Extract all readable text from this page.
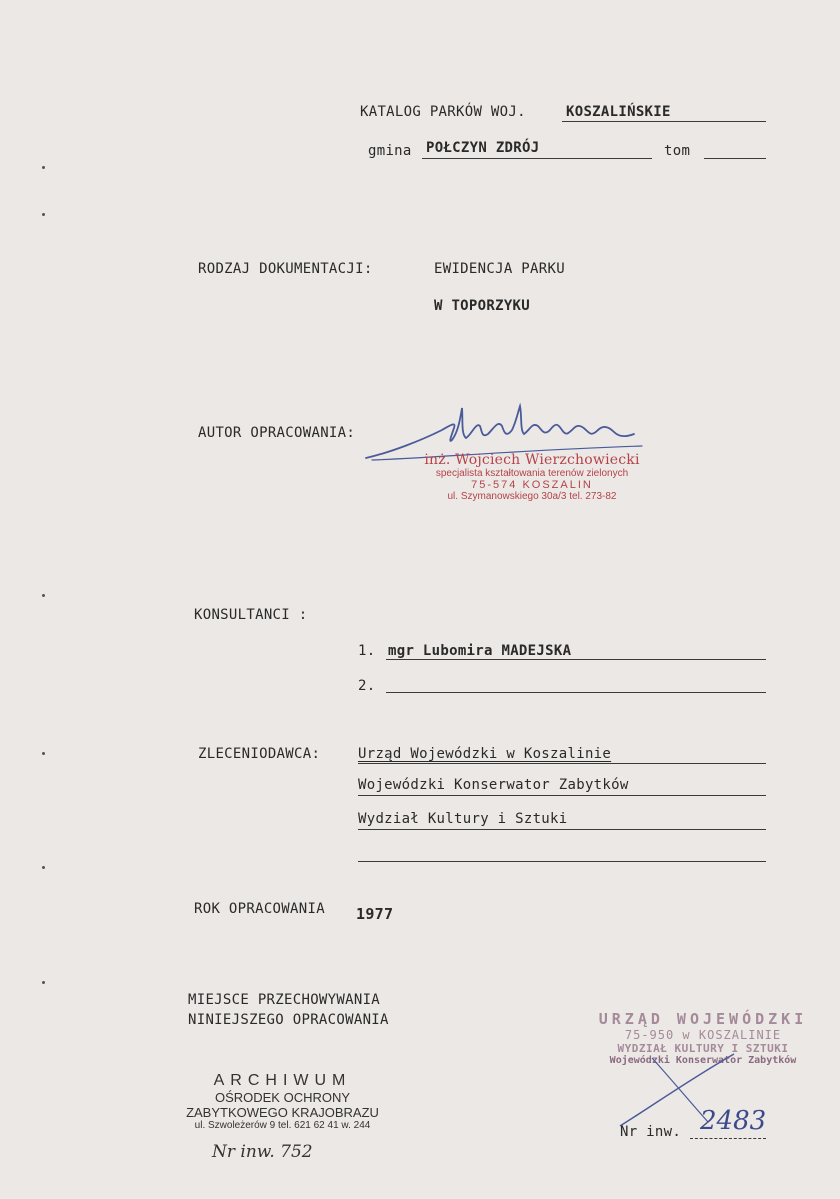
KATALOG PARKÓW WOJ.	KOSZALIŃSKIE
gmina POŁCZYN ZDRÓJ	tom
RODZAJ DOKUMENTACJI:	EWIDENCJA PARKU
W TOPORZYKU
AUTOR OPRACOWANIA:
inż. Wojciech Wierzchowiecki
specjalista kształtowania terenów zielonych
75-574 KOSZALIN
ul. Szymanowskiego 30a/3 tel. 273-82
KONSULTANCI :
1. mgr Lubomira MADEJSKA
2.
ZLECENIODAWCA:	Urząd Wojewódzki w Koszalinie
Wojewódzki Konserwator Zabytków
Wydział Kultury i Sztuki
ROK OPRACOWANIA 1977
MIEJSCE PRZECHOWYWANIA
NINIEJSZEGO OPRACOWANIA
ARCHIWUM
OŚRODEK OCHRONY
ZABYTKOWEGO KRAJOBRAZU
ul. Szwoleżerów 9 tel. 621 62 41 w. 244
Nr inw. 752
URZĄD WOJEWÓDZKI
75-950 w KOSZALINIE
WYDZIAŁ KULTURY I SZTUKI
Wojewódzki Konserwator Zabytków
Nr inw. 2483
